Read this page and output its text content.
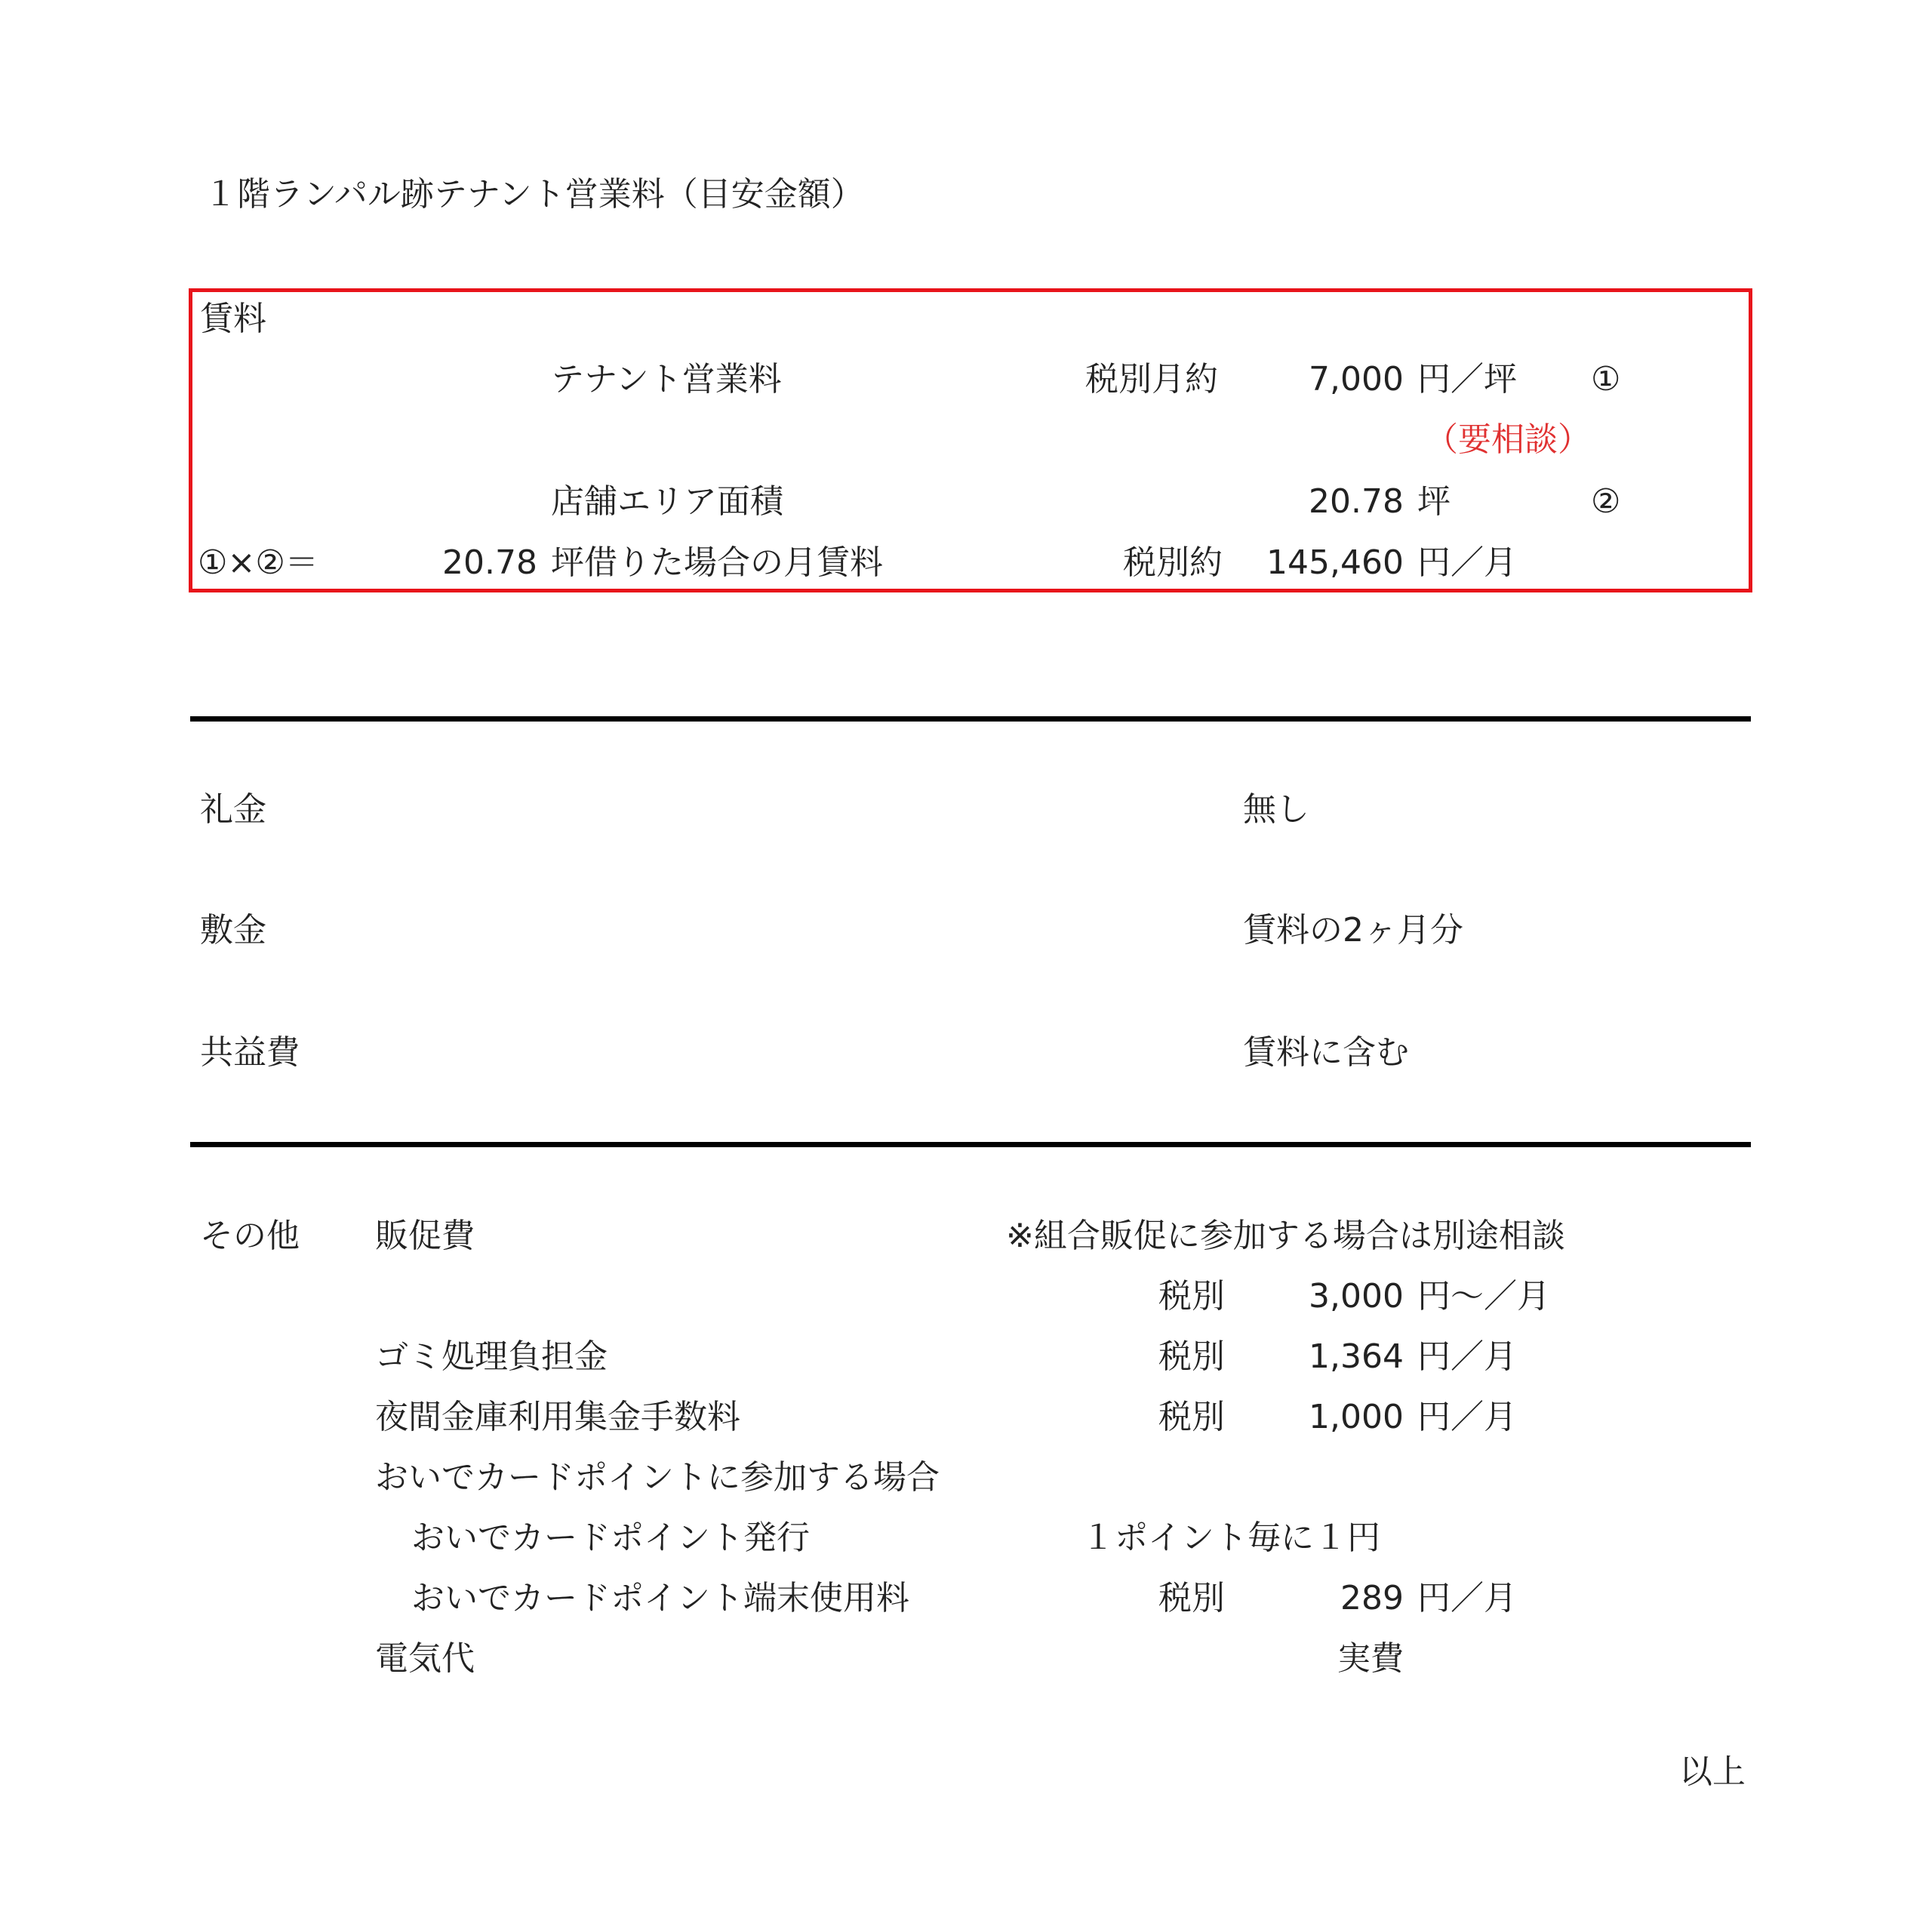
１階ランパル跡テナント営業料（目安金額）
賃料
テナント営業料	税別月約	7,000 円／坪 ①
（要相談）
店舗エリア面積	20.78 坪	②
①×②＝	20.78 坪借りた場合の月賃料	税別約	145,460 円／月
礼金	無し
敷金	賃料の2ヶ月分
共益費	賃料に含む
その他 販促費	※組合販促に参加する場合は別途相談
税別	3,000 円～／月
ゴミ処理負担金	税別	1,364 円／月
夜間金庫利用集金手数料	税別	1,000 円／月
おいでカードポイントに参加する場合
おいでカードポイント発行	１ポイント毎に１円
おいでカードポイント端末使用料	税別	289 円／月
電気代	実費
以上
